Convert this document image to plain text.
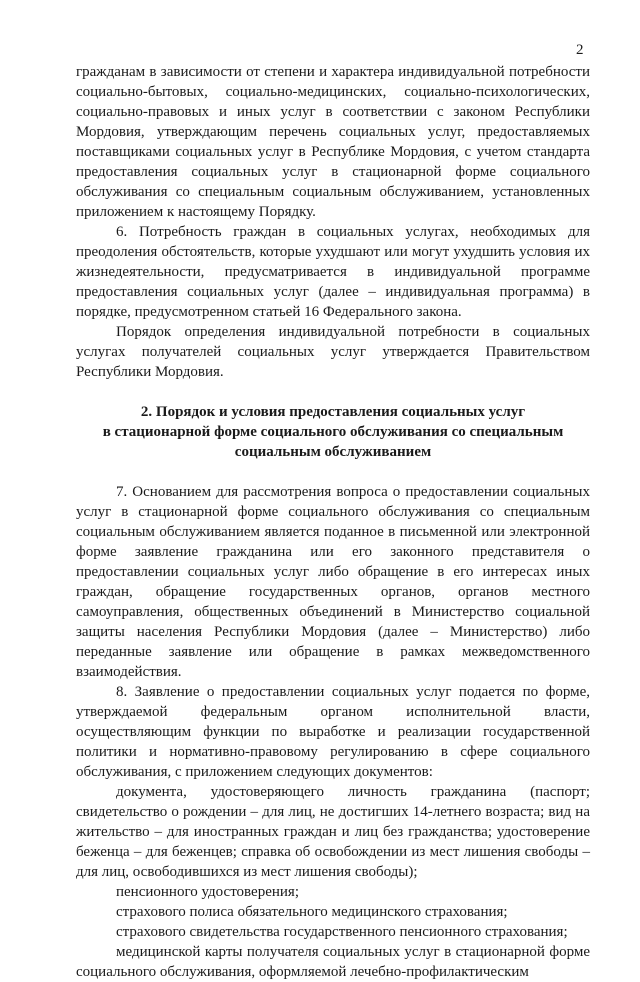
2

гражданам в зависимости от степени и характера индивидуальной потребности социально-бытовых, социально-медицинских, социально-психологических, социально-правовых и иных услуг в соответствии с законом Республики Мордовия, утверждающим перечень социальных услуг, предоставляемых поставщиками социальных услуг в Республике Мордовия, с учетом стандарта предоставления социальных услуг в стационарной форме социального обслуживания со специальным социальным обслуживанием, установленных приложением к настоящему Порядку.

6. Потребность граждан в социальных услугах, необходимых для преодоления обстоятельств, которые ухудшают или могут ухудшить условия их жизнедеятельности, предусматривается в индивидуальной программе предоставления социальных услуг (далее – индивидуальная программа) в порядке, предусмотренном статьей 16 Федерального закона.

Порядок определения индивидуальной потребности в социальных услугах получателей социальных услуг утверждается Правительством Республики Мордовия.

2. Порядок и условия предоставления социальных услуг
в стационарной форме социального обслуживания со специальным
социальным обслуживанием

7. Основанием для рассмотрения вопроса о предоставлении социальных услуг в стационарной форме социального обслуживания со специальным социальным обслуживанием является поданное в письменной или электронной форме заявление гражданина или его законного представителя о предоставлении социальных услуг либо обращение в его интересах иных граждан, обращение государственных органов, органов местного самоуправления, общественных объединений в Министерство социальной защиты населения Республики Мордовия (далее – Министерство) либо переданные заявление или обращение в рамках межведомственного взаимодействия.

8. Заявление о предоставлении социальных услуг подается по форме, утверждаемой федеральным органом исполнительной власти, осуществляющим функции по выработке и реализации государственной политики и нормативно-правовому регулированию в сфере социального обслуживания, с приложением следующих документов:

документа, удостоверяющего личность гражданина (паспорт; свидетельство о рождении – для лиц, не достигших 14-летнего возраста; вид на жительство – для иностранных граждан и лиц без гражданства; удостоверение беженца – для беженцев; справка об освобождении из мест лишения свободы – для лиц, освободившихся из мест лишения свободы);

пенсионного удостоверения;

страхового полиса обязательного медицинского страхования;

страхового свидетельства государственного пенсионного страхования;

медицинской карты получателя социальных услуг в стационарной форме социального обслуживания, оформляемой лечебно-профилактическим
